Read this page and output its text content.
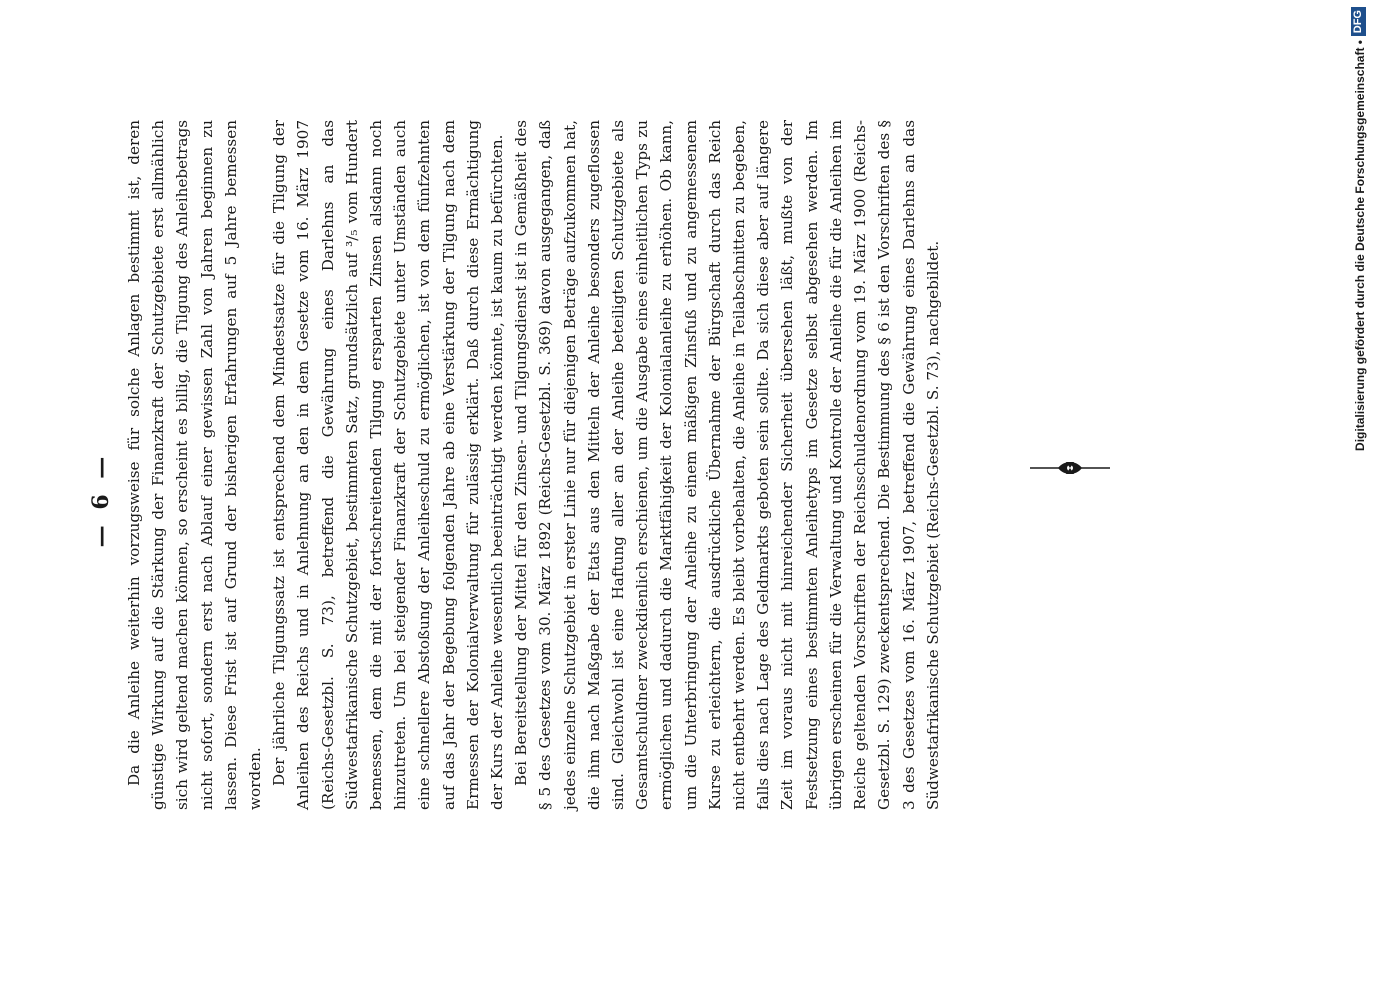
— 6 — Da die Anleihe weiterhin vorzugsweise für solche Anlagen bestimmt ist, deren günstige Wirkung auf die Stärkung der Finanzkraft der Schutzgebiete erst allmählich sich wird geltend machen können, so erscheint es billig, die Tilgung des Anleihebetrags nicht sofort, sondern erst nach Ablauf einer gewissen Zahl von Jahren beginnen zu lassen. Diese Frist ist auf Grund der bisherigen Erfahrungen auf 5 Jahre bemessen worden. Der jährliche Tilgungssatz ist entsprechend dem Mindestsatze für die Tilgung der Anleihen des Reichs und in Anlehnung an den in dem Gesetze vom 16. März 1907 (Reichs-Gesetzbl. S. 73), betreffend die Gewährung eines Darlehns an das Südwestafrikanische Schutzgebiet, bestimmten Satz, grundsätzlich auf ³/₅ vom Hundert bemessen, dem die mit der fortschreitenden Tilgung ersparten Zinsen alsdann noch hinzutreten. Um bei steigender Finanzkraft der Schutzgebiete unter Umständen auch eine schnellere Abstoßung der Anleiheschuld zu ermöglichen, ist von dem fünfzehnten auf das Jahr der Begebung folgenden Jahre ab eine Verstärkung der Tilgung nach dem Ermessen der Kolonialverwaltung für zulässig erklärt. Daß durch diese Ermächtigung der Kurs der Anleihe wesentlich beeinträchtigt werden könnte, ist kaum zu befürchten. Bei Bereitstellung der Mittel für den Zinsen- und Tilgungsdienst ist in Gemäßheit des § 5 des Gesetzes vom 30. März 1892 (Reichs-Gesetzbl. S. 369) davon ausgegangen, daß jedes einzelne Schutzgebiet in erster Linie nur für diejenigen Beträge aufzukommen hat, die ihm nach Maßgabe der Etats aus den Mitteln der Anleihe besonders zugeflossen sind. Gleichwohl ist eine Haftung aller an der Anleihe beteiligten Schutzgebiete als Gesamtschuldner zweckdienlich erschienen, um die Ausgabe eines einheitlichen Typs zu ermöglichen und dadurch die Marktfähigkeit der Kolonialanleihe zu erhöhen. Ob kann, um die Unterbringung der Anleihe zu einem mäßigen Zinsfuß und zu angemessenem Kurse zu erleichtern, die ausdrückliche Übernahme der Bürgschaft durch das Reich nicht entbehrt werden. Es bleibt vorbehalten, die Anleihe in Teilabschnitten zu begeben, falls dies nach Lage des Geldmarkts geboten sein sollte. Da sich diese aber auf längere Zeit im voraus nicht mit hinreichender Sicherheit übersehen läßt, mußte von der Festsetzung eines bestimmten Anleihetyps im Gesetze selbst abgesehen werden. Im übrigen erscheinen für die Verwaltung und Kontrolle der Anleihe die für die Anleihen im Reiche geltenden Vorschriften der Reichsschuldenordnung vom 19. März 1900 (Reichs-Gesetzbl. S. 129) zweckentsprechend. Die Bestimmung des § 6 ist den Vorschriften des § 3 des Gesetzes vom 16. März 1907, betreffend die Gewährung eines Darlehns an das Südwestafrikanische Schutzgebiet (Reichs-Gesetzbl. S. 73), nachgebildet.	Digitalisierung gefördert durch die Deutsche Forschungsgemeinschaft •
DFG
